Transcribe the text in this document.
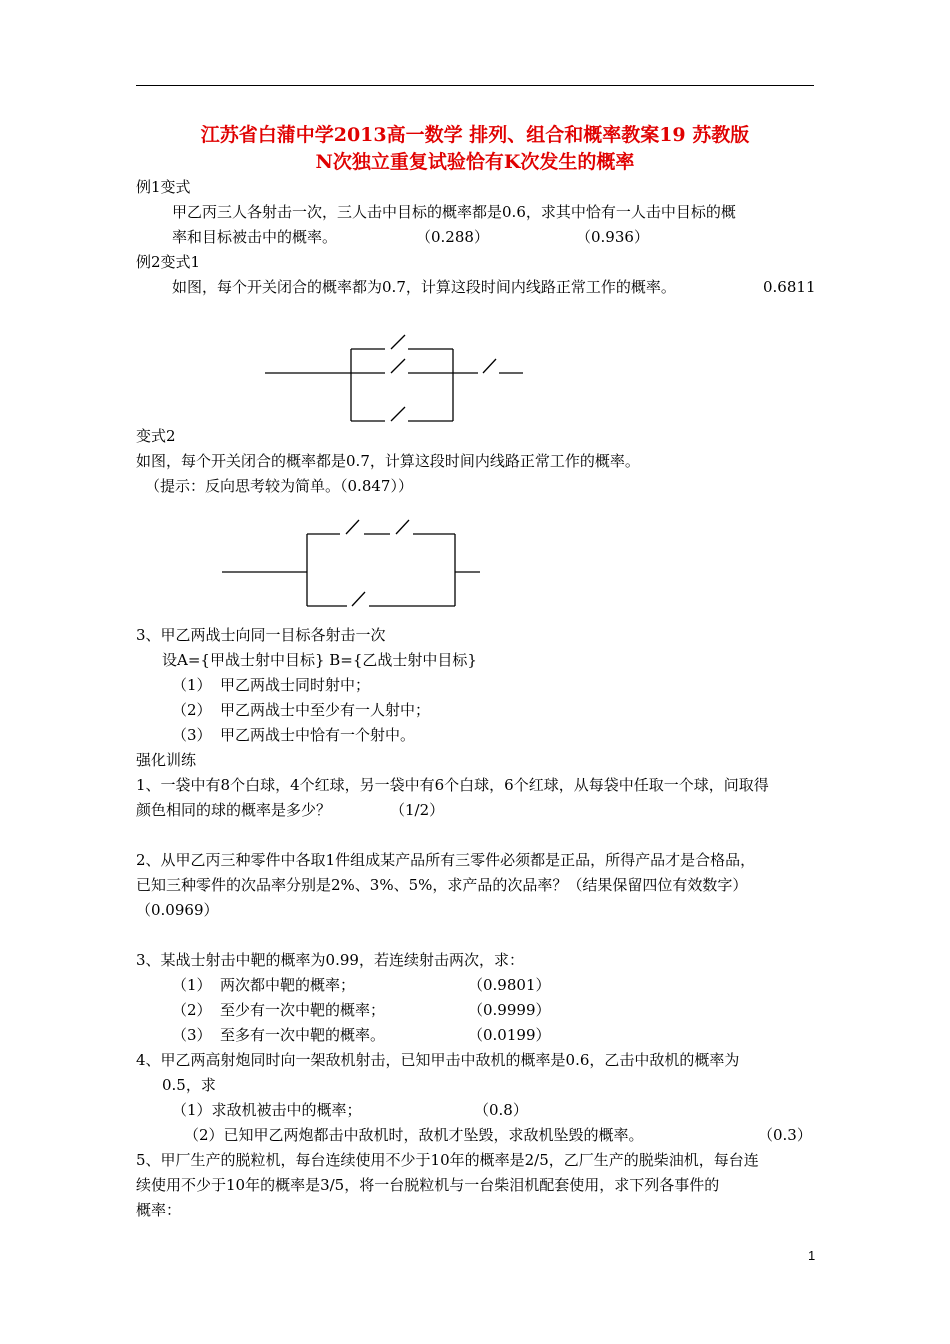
江苏省白蒲中学2013高一数学 排列、组合和概率教案19 苏教版
N次独立重复试验恰有K次发生的概率
例1变式
甲乙丙三人各射击一次，三人击中目标的概率都是0.6，求其中恰有一人击中目标的概
率和目标被击中的概率。	（0.288）	（0.936）
例2变式1
如图，每个开关闭合的概率都为0.7，计算这段时间内线路正常工作的概率。	0.6811
变式2
如图，每个开关闭合的概率都是0.7，计算这段时间内线路正常工作的概率。
（提示：反向思考较为简单。（0.847））
3、甲乙两战士向同一目标各射击一次
设A={甲战士射中目标} B={乙战士射中目标}
（1） 甲乙两战士同时射中；
（2） 甲乙两战士中至少有一人射中；
（3） 甲乙两战士中恰有一个射中。
强化训练
1、一袋中有8个白球，4个红球，另一袋中有6个白球，6个红球，从每袋中任取一个球，问取得
颜色相同的球的概率是多少？	（1/2）
2、从甲乙丙三种零件中各取1件组成某产品所有三零件必须都是正品，所得产品才是合格品，
已知三种零件的次品率分别是2%、3%、5%，求产品的次品率？（结果保留四位有效数字）
（0.0969）
3、某战士射击中靶的概率为0.99，若连续射击两次，求：
（1） 两次都中靶的概率；	（0.9801）
（2） 至少有一次中靶的概率；	（0.9999）
（3） 至多有一次中靶的概率。	（0.0199）
4、甲乙两高射炮同时向一架敌机射击，已知甲击中敌机的概率是0.6，乙击中敌机的概率为
0.5，求
（1）求敌机被击中的概率；	（0.8）
（2）已知甲乙两炮都击中敌机时，敌机才坠毁，求敌机坠毁的概率。	（0.3）
5、甲厂生产的脱粒机，每台连续使用不少于10年的概率是2/5，乙厂生产的脱柴油机，每台连
续使用不少于10年的概率是3/5，将一台脱粒机与一台柴泪机配套使用，求下列各事件的
概率：
1
